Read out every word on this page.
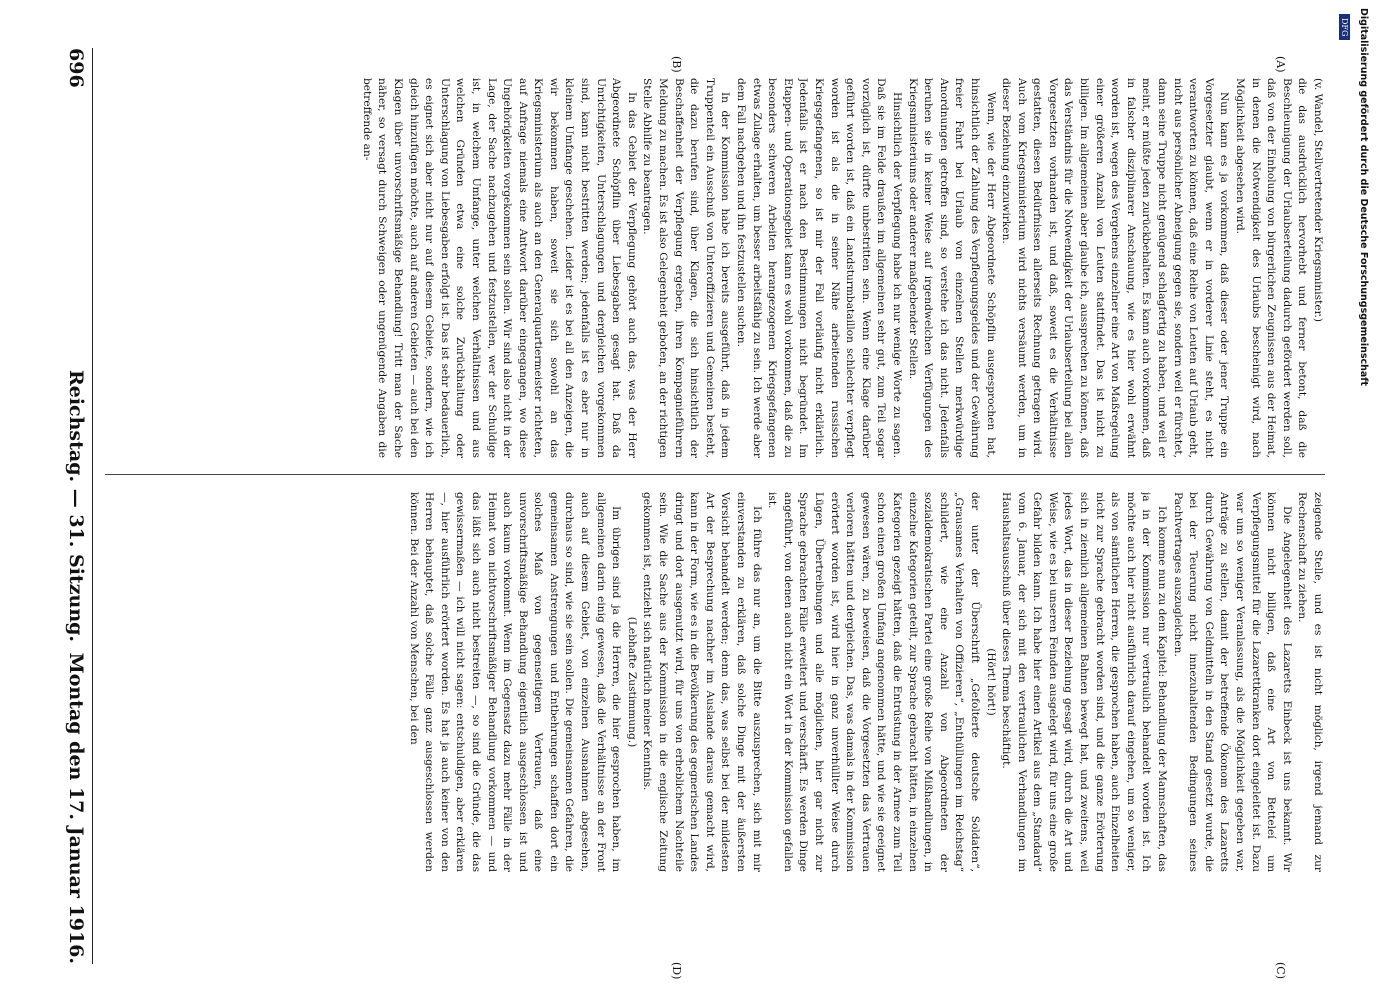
696
Reichstag. — 31. Sitzung.
Montag den 17. Januar 1916.
(A)
(B)
(C)
(D)

(v. Wandel, Stellvertretender Kriegsminister.)

die das ausdrücklich hervorhebt und ferner betont, daß die Beschleunigung der Urlaubserteilung dadurch gefördert werden soll, daß von der Einholung von bürgerlichen Zeugnissen aus der Heimat, in denen die Notwendigkeit des Urlaubs bescheinigt wird, nach Möglichkeit abgesehen wird.

Nun kann es ja vorkommen, daß dieser oder jener Truppe ein Vorgesetzter glaubt, wenn er in vorderer Linie steht, es nicht verantworten zu können, daß eine Reihe von Leuten auf Urlaub geht, nicht aus persönlicher Abneigung gegen sie, sondern weil er fürchtet, dann seine Truppe nicht genügend schlagfertig zu haben, und weil er meint, er müßte jeden zurückbehalten. Es kann auch vorkommen, daß in falscher disziplinarer Anschauung, wie es hier wohl erwähnt worden ist, wegen des Vergehens einzelner eine Art von Maßregelung einer größeren Anzahl von Leuten stattfindet. Das ist nicht zu billigen. Im allgemeinen aber glaube ich, aussprechen zu können, daß das Verständnis für die Notwendigkeit der Urlaubserteilung bei allen Vorgesetzten vorhanden ist, und daß, soweit es die Verhältnisse gestatten, diesen Bedürfnissen allerseits Rechnung getragen wird. Auch vom Kriegsministerium wird nichts versäumt werden, um in dieser Beziehung einzuwirken.

Wenn, wie der Herr Abgeordnete Schöpflin ausgesprochen hat, hinsichtlich der Zahlung des Verpflegungsgeldes und der Gewährung freier Fahrt bei Urlaub von einzelnen Stellen merkwürdige Anordnungen getroffen sind, so verstehe ich das nicht. Jedenfalls beruhen sie in keiner Weise auf irgendwelchen Verfügungen des Kriegsministeriums oder anderer maßgebender Stellen.

Hinsichtlich der Verpflegung habe ich nur wenige Worte zu sagen. Daß sie im Felde draußen im allgemeinen sehr gut, zum Teil sogar vorzüglich ist, dürfte unbestritten sein. Wenn eine Klage darüber geführt worden ist, daß ein Landsturmbataillon schlechter verpflegt worden ist als die in seiner Nähe arbeitenden russischen Kriegsgefangenen, so ist mir der Fall vorläufig nicht erklärlich. Jedenfalls ist er nach den Bestimmungen nicht begründet. Im Etappen- und Operationsgebiet kann es wohl vorkommen, daß die zu besonders schweren Arbeiten herangezogenen Kriegsgefangenen etwas Zulage erhalten, um besser arbeitsfähig zu sein. Ich werde aber dem Fall nachgehen und ihn festzustellen suchen.

In der Kommission habe ich bereits ausgeführt, daß in jedem Truppenteil ein Ausschuß von Unteroffizieren und Gemeinen besteht, die dazu berufen sind, über Klagen, die sich hinsichtlich der Beschaffenheit der Verpflegung ergeben, ihren Kompagnieführern Meldung zu machen. Es ist also Gelegenheit geboten, an der richtigen Stelle Abhilfe zu beantragen.

In das Gebiet der Verpflegung gehört auch das, was der Herr Abgeordnete Schöpflin über Liebesgaben gesagt hat. Daß da Unrichtigkeiten, Unterschlagungen und dergleichen vorgekommen sind, kann nicht bestritten werden; jedenfalls ist es aber nur in kleinem Umfange geschehen. Leider ist es bei all den Anzeigen, die wir bekommen haben, soweit sie sich sowohl an das Kriegsministerium als auch an den Generalquartiermeister richteten, auf Anfrage niemals eine Antwort darüber eingegangen, wo diese Ungehörigkeiten vorgekommen sein sollen. Wir sind also nicht in der Lage, der Sache nachzugehen und festzustellen, wer der Schuldige ist, in welchem Umfange, unter welchen Verhältnissen und aus welchen Gründen etwa eine solche Zurückhaltung oder Unterschlagung von Liebesgaben erfolgt ist. Das ist sehr bedauerlich, es eignet sich aber nicht nur auf diesem Gebiete, sondern, wie ich gleich hinzufügen möchte, auch auf anderen Gebieten — auch bei den Klagen über unvorschriftsmäßige Behandlung! Tritt man der Sache näher, so versagt durch Schweigen oder ungenügende Angaben die betreffende an-

zeigende Stelle, und es ist nicht möglich, irgend jemand zur Rechenschaft zu ziehen.

Die Angelegenheit des Lazaretts Einbeck ist uns bekannt. Wir können nicht billigen, daß eine Art von Betteleí um Verpflegungsmittel für die Lazarettkranken dort eingeleitet ist. Dazu war um so weniger Veranlassung, als die Möglichkeit gegeben war, Anträge zu stellen, damit der betreffende Ökonom des Lazaretts durch Gewährung von Geldmitteln in den Stand gesetzt wurde, die bei der Teuerung nicht innezuhaltenden Bedingungen seines Pachtvertrages auszugleichen.

Ich komme nun zu dem Kapitel: Behandlung der Mannschaften, das ja in der Kommission nur vertraulich behandelt worden ist. Ich möchte auch hier nicht ausführlich darauf eingehen, um so weniger, als von sämtlichen Herren, die gesprochen haben, auch Einzelheiten nicht zur Sprache gebracht worden sind, und die ganze Erörterung sich in ziemlich allgemeinen Bahnen bewegt hat, und zweitens, weil jedes Wort, das in dieser Beziehung gesagt wird, durch die Art und Weise, wie es bei unseren Feinden ausgelegt wird, für uns eine große Gefahr bilden kann. Ich habe hier einen Artikel aus dem „Standard“ vom 6. Januar, der sich mit den vertraulichen Verhandlungen im Haushaltsausschuß über dieses Thema beschäftigt.

(Hört! hört!)

der unter der Überschrift „Gefolterte deutsche Soldaten“, „Grausames Verhalten von Offizieren“, „Enthüllungen im Reichstag“ schildert, wie eine Anzahl von Abgeordneten der sozialdemokratischen Partei eine große Reihe von Mißhandlungen, in einzelne Kategorien geteilt, zur Sprache gebracht hätten, in einzelnen Kategorien gezeigt hätten, daß die Entrüstung in der Armee zum Teil schon einen großen Umfang angenommen hätte, und wie sie geeignet gewesen wären, zu beweisen, daß die Vorgesetzten das Vertrauen verloren hätten und dergleichen. Das, was damals in der Kommission erörtert worden ist, wird hier in ganz unverhüllter Weise durch Lügen, Übertreibungen und alle möglichen, hier gar nicht zur Sprache gebrachten Fälle erweitert und verschärft. Es werden Dinge angeführt, von denen auch nicht ein Wort in der Kommission gefallen ist.

Ich führe das nur an, um die Bitte auszusprechen, sich mit mir einverstanden zu erklären, daß solche Dinge mit der äußersten Vorsicht behandelt werden; denn das, was selbst bei der mildesten Art der Besprechung nachher im Auslande daraus gemacht wird, kann in der Form, wie es in die Bevölkerung des gegnerischen Landes dringt und dort ausgenutzt wird, für uns von erheblichem Nachteile sein. Wie die Sache aus der Kommission in die englische Zeitung gekommen ist, entzieht sich natürlich meiner Kenntnis.

(Lebhafte Zustimmung.)

Im übrigen sind ja die Herren, die hier gesprochen haben, im allgemeinen darin einig gewesen, daß die Verhältnisse an der Front auch auf diesem Gebiet, von einzelnen Ausnahmen abgesehen, durchaus so sind, wie sie sein sollen. Die gemeinsamen Gefahren, die gemeinsamen Anstrengungen und Entbehrungen schaffen dort ein solches Maß von gegenseitigem Vertrauen, daß eine unvorschriftsmäßige Behandlung eigentlich ausgeschlossen ist und auch kaum vorkommt. Wenn im Gegensatz dazu mehr Fälle in der Heimat von nichtvorschriftsmäßiger Behandlung vorkommen — und das läßt sich auch nicht bestreiten —, so sind die Gründe, die das gewissermaßen — ich will nicht sagen: entschuldigen, aber erklären —, hier ausführlich erörtert worden. Es hat ja auch keiner von den Herren behauptet, daß solche Fälle ganz ausgeschlossen werden können. Bei der Anzahl von Menschen, bei den

Digitalisierung gefördert durch die Deutsche ForschungsgemeinschaftDFG
